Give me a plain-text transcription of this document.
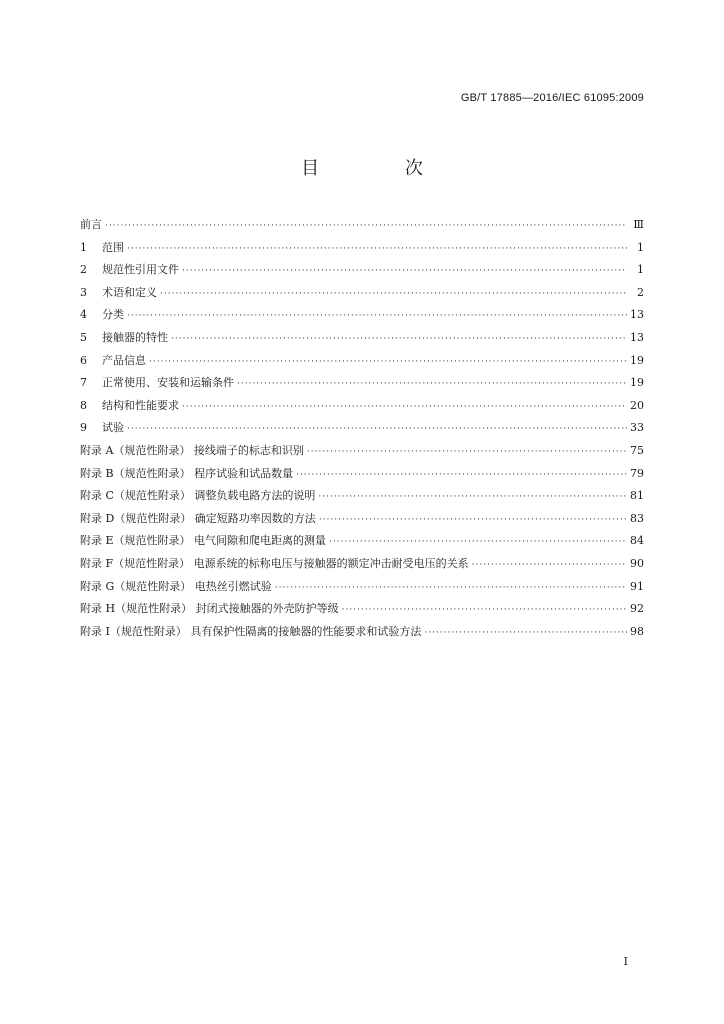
GB/T 17885—2016/IEC 61095:2009
目 次
前言 ·····	Ⅲ
1 范围 ·····	1
2 规范性引用文件 ·····	1
3 术语和定义 ·····	2
4 分类 ·····	13
5 接触器的特性 ·····	13
6 产品信息 ·····	19
7 正常使用、安装和运输条件 ·····	19
8 结构和性能要求 ·····	20
9 试验 ·····	33
附录 A（规范性附录） 接线端子的标志和识别 ·····	75
附录 B（规范性附录） 程序试验和试品数量 ·····	79
附录 C（规范性附录） 调整负载电路方法的说明 ·····	81
附录 D（规范性附录） 确定短路功率因数的方法 ·····	83
附录 E（规范性附录） 电气间隙和爬电距离的测量 ·····	84
附录 F（规范性附录） 电源系统的标称电压与接触器的额定冲击耐受电压的关系 ·····	90
附录 G（规范性附录） 电热丝引燃试验 ·····	91
附录 H（规范性附录） 封闭式接触器的外壳防护等级 ·····	92
附录 I（规范性附录） 具有保护性隔离的接触器的性能要求和试验方法 ·····	98
I
